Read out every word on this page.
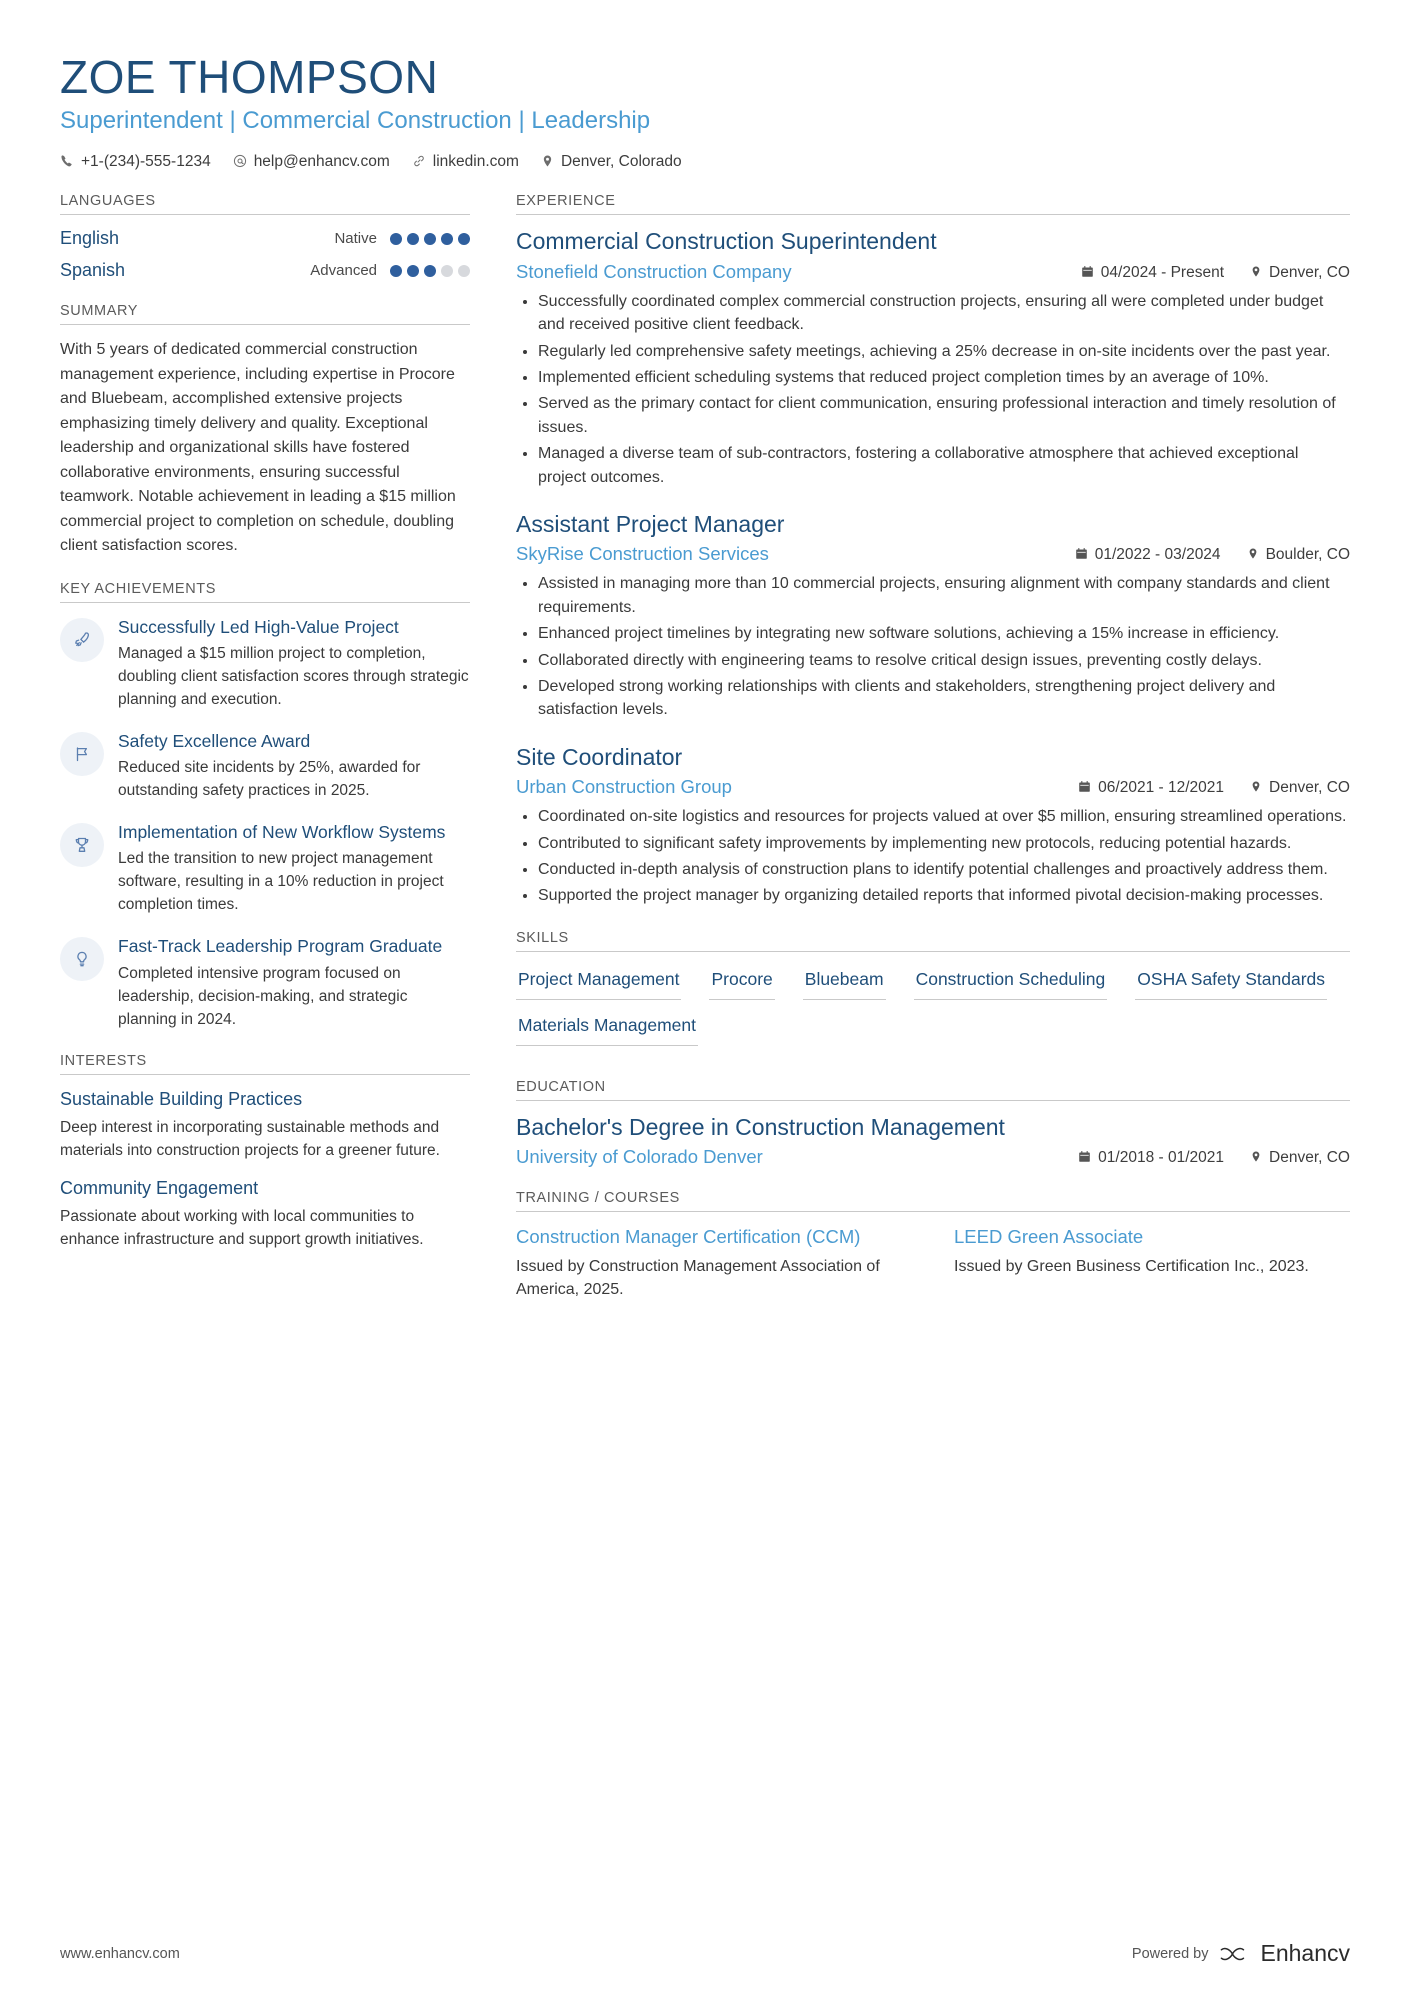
ZOE THOMPSON
Superintendent | Commercial Construction | Leadership
+1-(234)-555-1234	help@enhancv.com	linkedin.com	Denver, Colorado
LANGUAGES
English	Native
Spanish	Advanced
SUMMARY
With 5 years of dedicated commercial construction management experience, including expertise in Procore and Bluebeam, accomplished extensive projects emphasizing timely delivery and quality. Exceptional leadership and organizational skills have fostered collaborative environments, ensuring successful teamwork. Notable achievement in leading a $15 million commercial project to completion on schedule, doubling client satisfaction scores.
KEY ACHIEVEMENTS
Successfully Led High-Value Project
Managed a $15 million project to completion, doubling client satisfaction scores through strategic planning and execution.
Safety Excellence Award
Reduced site incidents by 25%, awarded for outstanding safety practices in 2025.
Implementation of New Workflow Systems
Led the transition to new project management software, resulting in a 10% reduction in project completion times.
Fast-Track Leadership Program Graduate
Completed intensive program focused on leadership, decision-making, and strategic planning in 2024.
INTERESTS
Sustainable Building Practices
Deep interest in incorporating sustainable methods and materials into construction projects for a greener future.
Community Engagement
Passionate about working with local communities to enhance infrastructure and support growth initiatives.
EXPERIENCE
Commercial Construction Superintendent
Stonefield Construction Company	04/2024 - Present	Denver, CO
• Successfully coordinated complex commercial construction projects, ensuring all were completed under budget and received positive client feedback.
• Regularly led comprehensive safety meetings, achieving a 25% decrease in on-site incidents over the past year.
• Implemented efficient scheduling systems that reduced project completion times by an average of 10%.
• Served as the primary contact for client communication, ensuring professional interaction and timely resolution of issues.
• Managed a diverse team of sub-contractors, fostering a collaborative atmosphere that achieved exceptional project outcomes.
Assistant Project Manager
SkyRise Construction Services	01/2022 - 03/2024	Boulder, CO
• Assisted in managing more than 10 commercial projects, ensuring alignment with company standards and client requirements.
• Enhanced project timelines by integrating new software solutions, achieving a 15% increase in efficiency.
• Collaborated directly with engineering teams to resolve critical design issues, preventing costly delays.
• Developed strong working relationships with clients and stakeholders, strengthening project delivery and satisfaction levels.
Site Coordinator
Urban Construction Group	06/2021 - 12/2021	Denver, CO
• Coordinated on-site logistics and resources for projects valued at over $5 million, ensuring streamlined operations.
• Contributed to significant safety improvements by implementing new protocols, reducing potential hazards.
• Conducted in-depth analysis of construction plans to identify potential challenges and proactively address them.
• Supported the project manager by organizing detailed reports that informed pivotal decision-making processes.
SKILLS
Project Management Procore Bluebeam Construction Scheduling OSHA Safety Standards
Materials Management
EDUCATION
Bachelor's Degree in Construction Management
University of Colorado Denver	01/2018 - 01/2021	Denver, CO
TRAINING / COURSES
Construction Manager Certification (CCM)
Issued by Construction Management Association of America, 2025.
LEED Green Associate
Issued by Green Business Certification Inc., 2023.
www.enhancv.com	Powered by Enhancv
